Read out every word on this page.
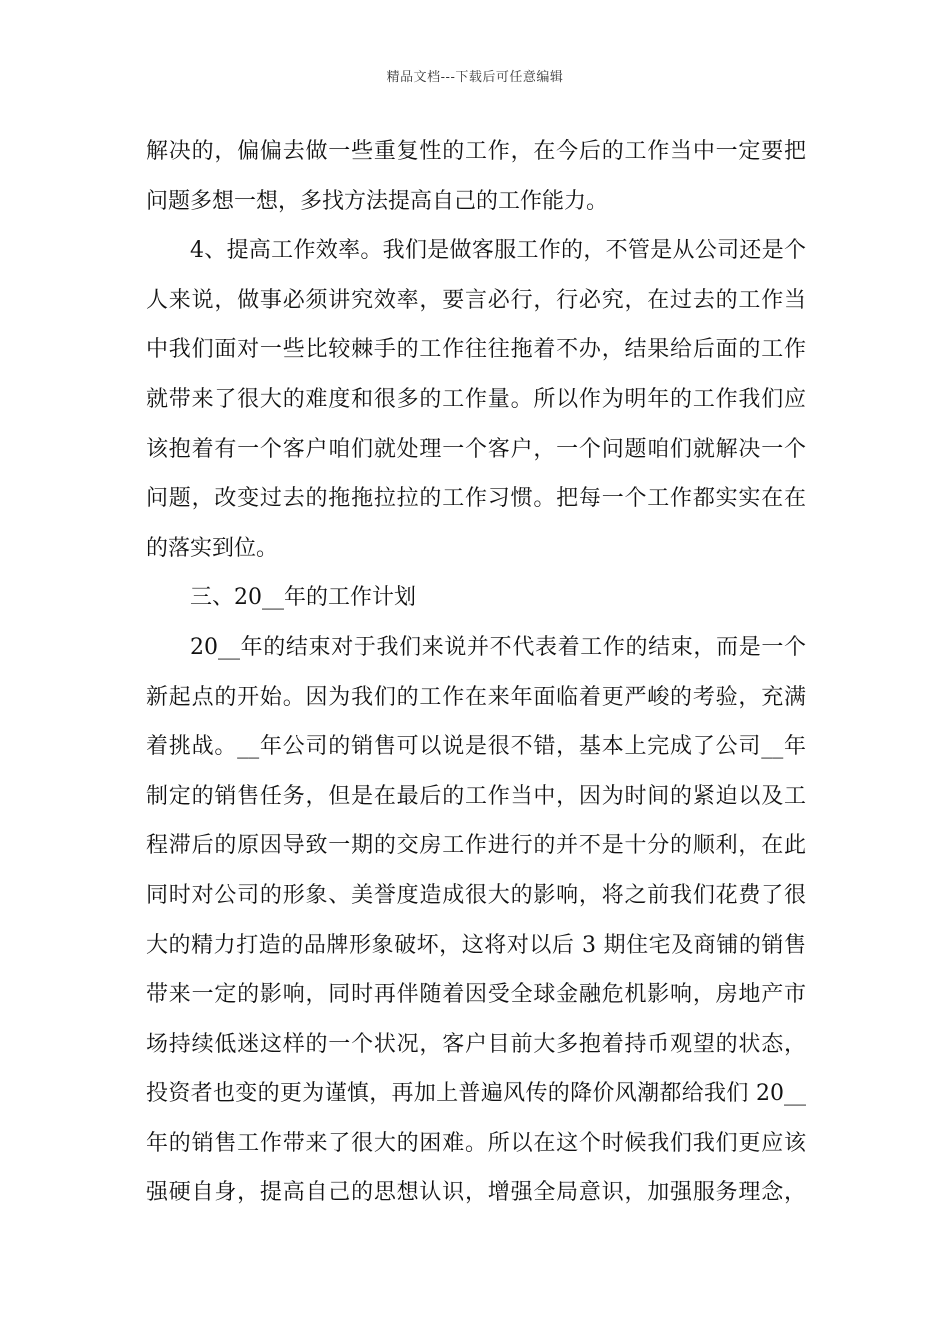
精品文档---下载后可任意编辑
解决的，偏偏去做一些重复性的工作，在今后的工作当中一定要把
问题多想一想，多找方法提高自己的工作能力。
4、提高工作效率。我们是做客服工作的，不管是从公司还是个
人来说，做事必须讲究效率，要言必行，行必究，在过去的工作当
中我们面对一些比较棘手的工作往往拖着不办，结果给后面的工作
就带来了很大的难度和很多的工作量。所以作为明年的工作我们应
该抱着有一个客户咱们就处理一个客户，一个问题咱们就解决一个
问题，改变过去的拖拖拉拉的工作习惯。把每一个工作都实实在在
的落实到位。
三、20__年的工作计划
20__年的结束对于我们来说并不代表着工作的结束，而是一个
新起点的开始。因为我们的工作在来年面临着更严峻的考验，充满
着挑战。__年公司的销售可以说是很不错，基本上完成了公司__年
制定的销售任务，但是在最后的工作当中，因为时间的紧迫以及工
程滞后的原因导致一期的交房工作进行的并不是十分的顺利，在此
同时对公司的形象、美誉度造成很大的影响，将之前我们花费了很
大的精力打造的品牌形象破坏，这将对以后 3 期住宅及商铺的销售
带来一定的影响，同时再伴随着因受全球金融危机影响，房地产市
场持续低迷这样的一个状况，客户目前大多抱着持币观望的状态，
投资者也变的更为谨慎，再加上普遍风传的降价风潮都给我们 20__
年的销售工作带来了很大的困难。所以在这个时候我们我们更应该
强硬自身，提高自己的思想认识，增强全局意识，加强服务理念，
